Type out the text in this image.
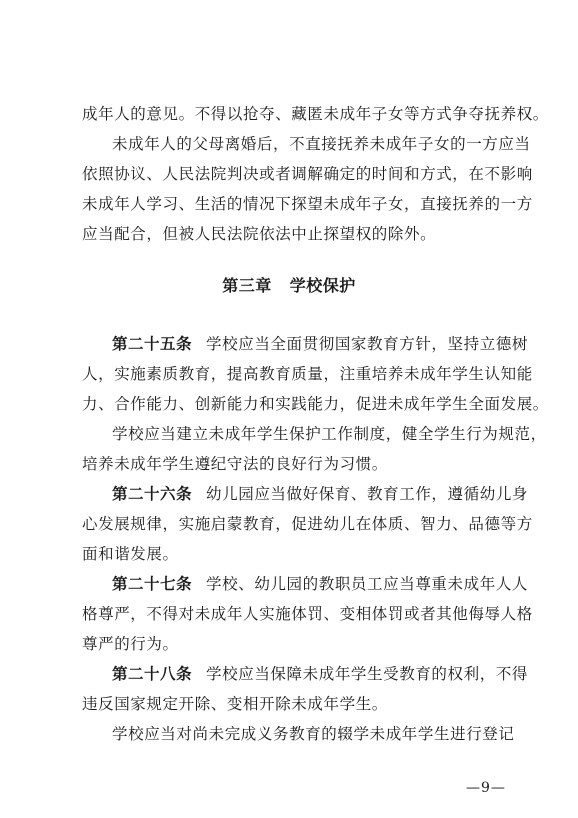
成年人的意见。不得以抢夺、藏匿未成年子女等方式争夺抚养权。
未成年人的父母离婚后，不直接抚养未成年子女的一方应当
依照协议、人民法院判决或者调解确定的时间和方式，在不影响
未成年人学习、生活的情况下探望未成年子女，直接抚养的一方
应当配合，但被人民法院依法中止探望权的除外。
第三章 学校保护
第二十五条 学校应当全面贯彻国家教育方针，坚持立德树
人，实施素质教育，提高教育质量，注重培养未成年学生认知能
力、合作能力、创新能力和实践能力，促进未成年学生全面发展。
学校应当建立未成年学生保护工作制度，健全学生行为规范，
培养未成年学生遵纪守法的良好行为习惯。
第二十六条 幼儿园应当做好保育、教育工作，遵循幼儿身
心发展规律，实施启蒙教育，促进幼儿在体质、智力、品德等方
面和谐发展。
第二十七条 学校、幼儿园的教职员工应当尊重未成年人人
格尊严，不得对未成年人实施体罚、变相体罚或者其他侮辱人格
尊严的行为。
第二十八条 学校应当保障未成年学生受教育的权利，不得
违反国家规定开除、变相开除未成年学生。
学校应当对尚未完成义务教育的辍学未成年学生进行登记
—9—
